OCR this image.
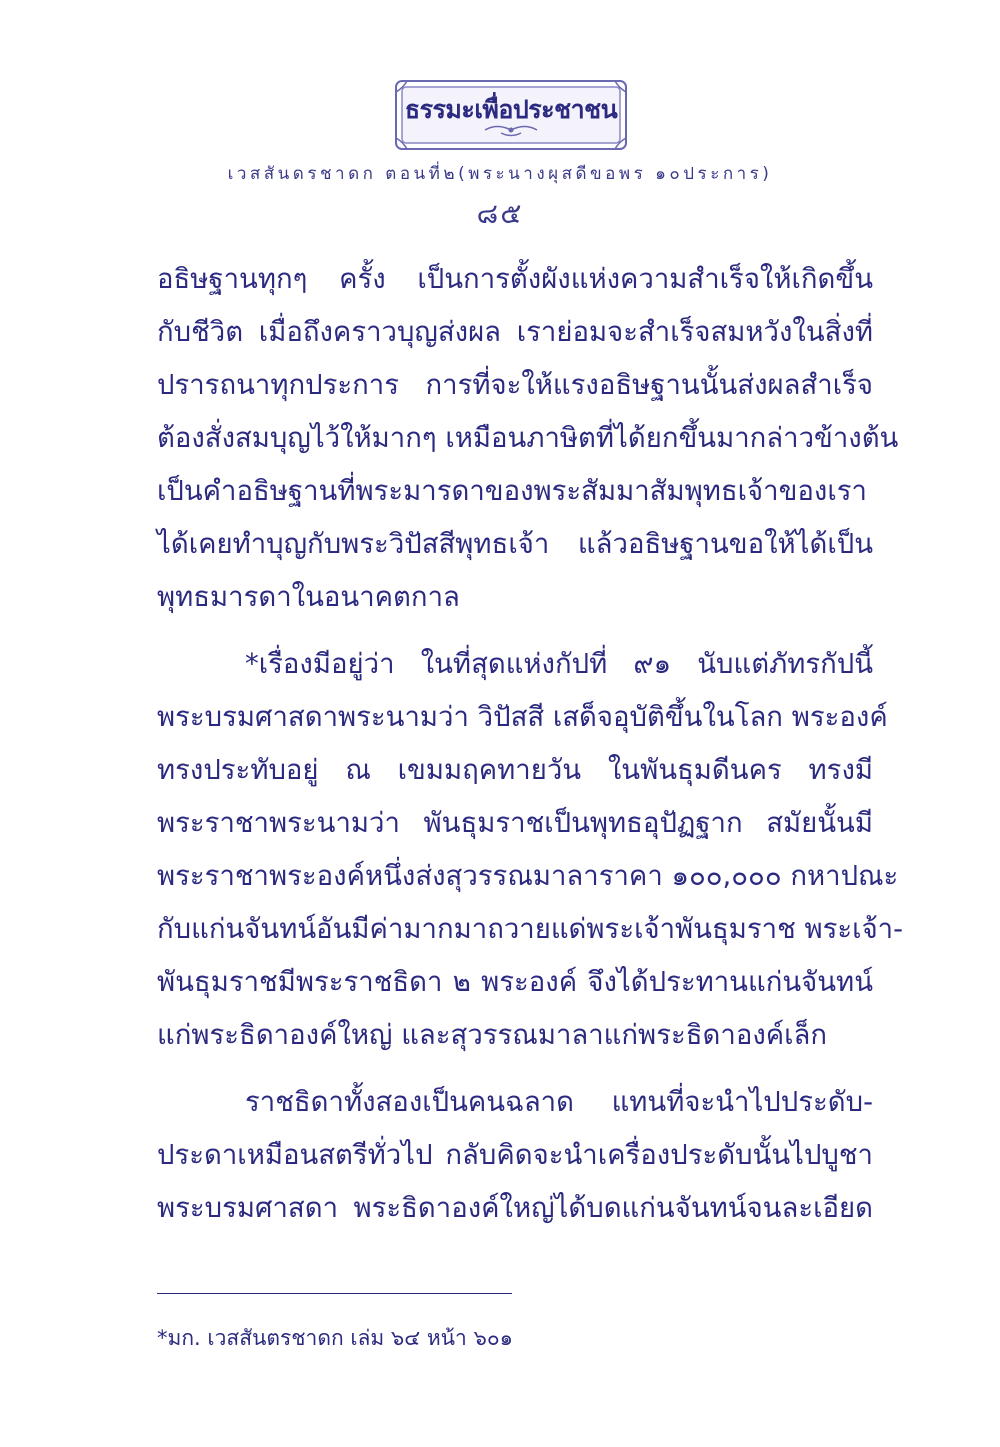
ธรรมะเพื่อประชาชน
เวสสันดรชาดก ตอนที่๒(พระนางผุสดีขอพร ๑๐ประการ)
๘๕
อธิษฐานทุกๆ ครั้ง เป็นการตั้งผังแห่งความสำเร็จให้เกิดขึ้น
กับชีวิต เมื่อถึงคราวบุญส่งผล เราย่อมจะสำเร็จสมหวังในสิ่งที่
ปรารถนาทุกประการ การที่จะให้แรงอธิษฐานนั้นส่งผลสำเร็จ
ต้องสั่งสมบุญไว้ให้มากๆ เหมือนภาษิตที่ได้ยกขึ้นมากล่าวข้างต้น
เป็นคำอธิษฐานที่พระมารดาของพระสัมมาสัมพุทธเจ้าของเรา
ได้เคยทำบุญกับพระวิปัสสีพุทธเจ้า แล้วอธิษฐานขอให้ได้เป็น
พุทธมารดาในอนาคตกาล
*เรื่องมีอยู่ว่า ในที่สุดแห่งกัปที่ ๙๑ นับแต่ภัทรกัปนี้
พระบรมศาสดาพระนามว่า วิปัสสี เสด็จอุบัติขึ้นในโลก พระองค์
ทรงประทับอยู่ ณ เขมมฤคทายวัน ในพันธุมดีนคร ทรงมี
พระราชาพระนามว่า พันธุมราชเป็นพุทธอุปัฏฐาก สมัยนั้นมี
พระราชาพระองค์หนึ่งส่งสุวรรณมาลาราคา ๑๐๐,๐๐๐ กหาปณะ
กับแก่นจันทน์อันมีค่ามากมาถวายแด่พระเจ้าพันธุมราช พระเจ้า-
พันธุมราชมีพระราชธิดา ๒ พระองค์ จึงได้ประทานแก่นจันทน์
แก่พระธิดาองค์ใหญ่ และสุวรรณมาลาแก่พระธิดาองค์เล็ก
ราชธิดาทั้งสองเป็นคนฉลาด แทนที่จะนำไปประดับ-
ประดาเหมือนสตรีทั่วไป กลับคิดจะนำเครื่องประดับนั้นไปบูชา
พระบรมศาสดา พระธิดาองค์ใหญ่ได้บดแก่นจันทน์จนละเอียด
*มก. เวสสันตรชาดก เล่ม ๖๔ หน้า ๖๐๑
